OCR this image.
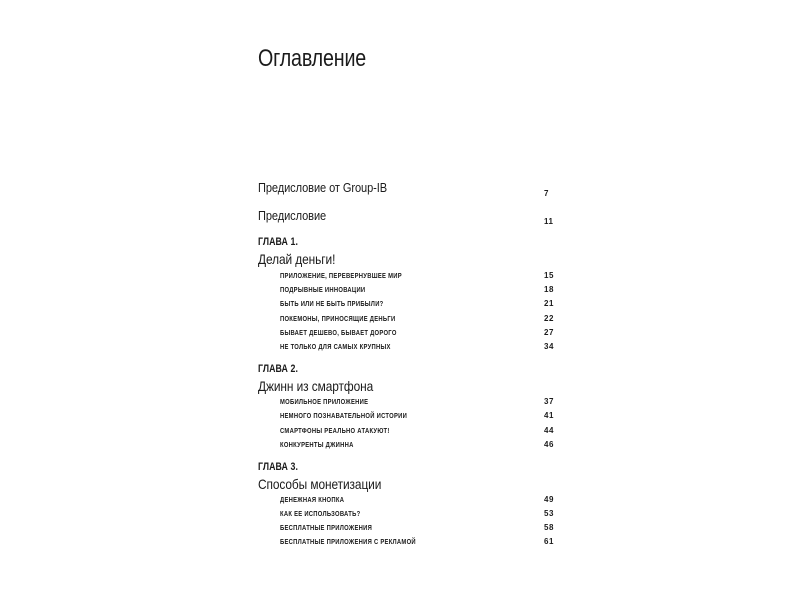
Оглавление
Предисловие от Group-IB	7
Предисловие	11
ГЛАВА 1.
Делай деньги!
ПРИЛОЖЕНИЕ, ПЕРЕВЕРНУВШЕЕ МИР	15
ПОДРЫВНЫЕ ИННОВАЦИИ	18
БЫТЬ ИЛИ НЕ БЫТЬ ПРИБЫЛИ?	21
ПОКЕМОНЫ, ПРИНОСЯЩИЕ ДЕНЬГИ	22
БЫВАЕТ ДЕШЕВО, БЫВАЕТ ДОРОГО	27
НЕ ТОЛЬКО ДЛЯ САМЫХ КРУПНЫХ	34
ГЛАВА 2.
Джинн из смартфона
МОБИЛЬНОЕ ПРИЛОЖЕНИЕ	37
НЕМНОГО ПОЗНАВАТЕЛЬНОЙ ИСТОРИИ	41
СМАРТФОНЫ РЕАЛЬНО АТАКУЮТ!	44
КОНКУРЕНТЫ ДЖИННА	46
ГЛАВА 3.
Способы монетизации
ДЕНЕЖНАЯ КНОПКА	49
КАК ЕЕ ИСПОЛЬЗОВАТЬ?	53
БЕСПЛАТНЫЕ ПРИЛОЖЕНИЯ	58
БЕСПЛАТНЫЕ ПРИЛОЖЕНИЯ С РЕКЛАМОЙ	61
